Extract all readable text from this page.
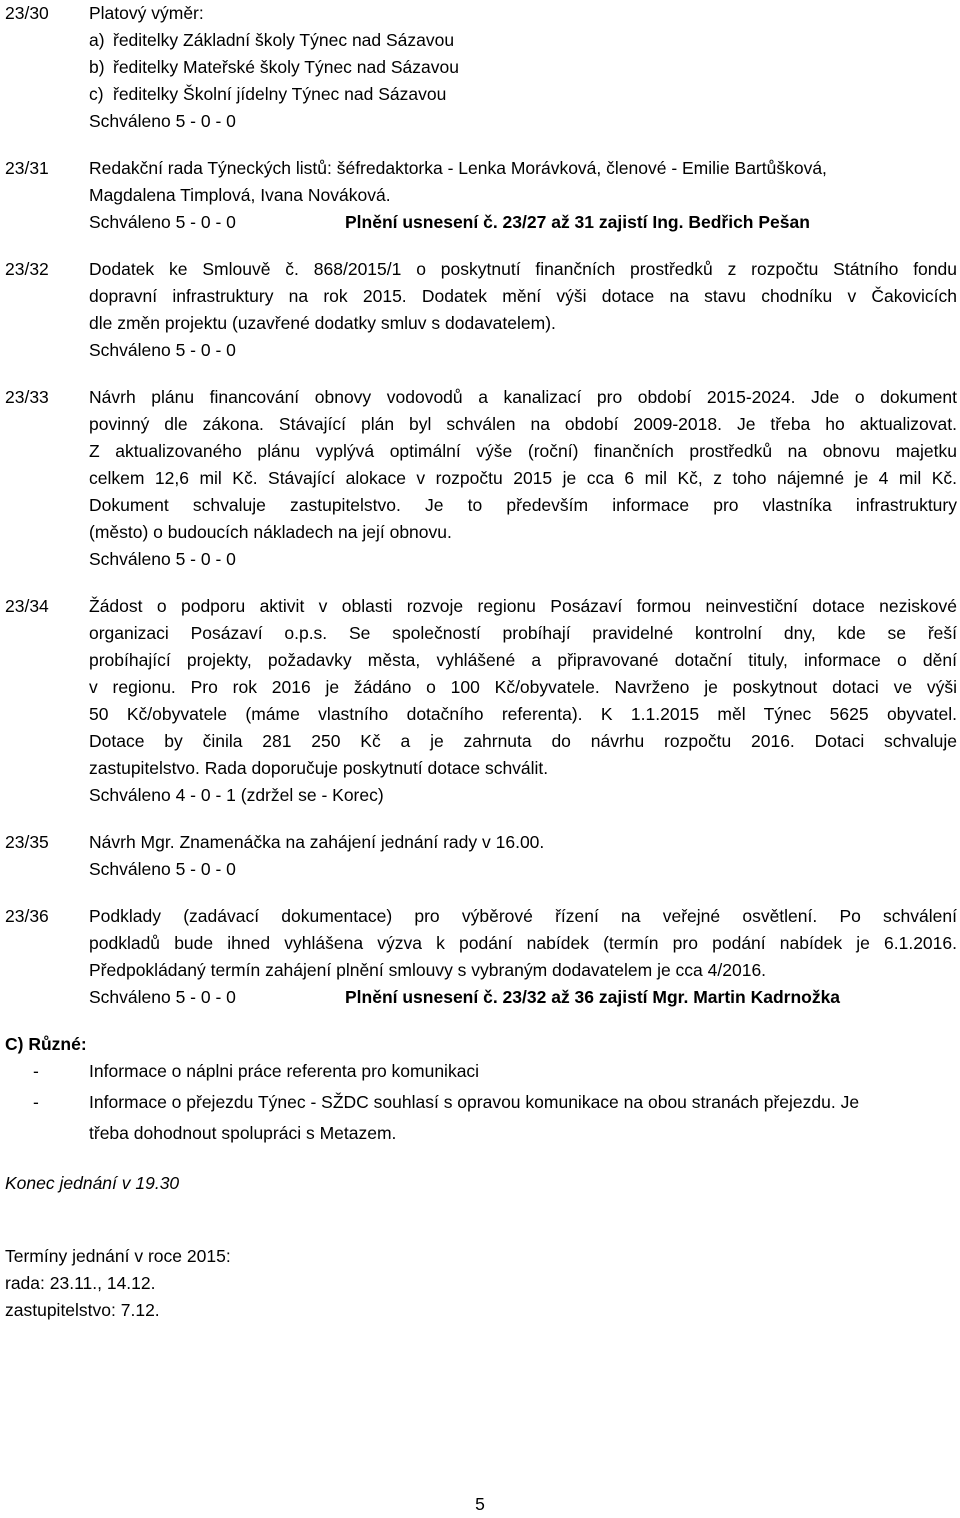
23/30 Platový výměr:
a) ředitelky Základní školy Týnec nad Sázavou
b) ředitelky Mateřské školy Týnec nad Sázavou
c) ředitelky Školní jídelny Týnec nad Sázavou
Schváleno 5 - 0 - 0
23/31 Redakční rada Týneckých listů: šéfredaktorka - Lenka Morávková, členové - Emilie Bartůšková,
Magdalena Timplová, Ivana Nováková.
Schváleno 5 - 0 - 0	Plnění usnesení č. 23/27 až 31 zajistí Ing. Bedřich Pešan
23/32 Dodatek ke Smlouvě č. 868/2015/1 o poskytnutí finančních prostředků z rozpočtu Státního fondu
dopravní infrastruktury na rok 2015. Dodatek mění výši dotace na stavu chodníku v Čakovicích
dle změn projektu (uzavřené dodatky smluv s dodavatelem).
Schváleno 5 - 0 - 0
23/33 Návrh plánu financování obnovy vodovodů a kanalizací pro období 2015-2024. Jde o dokument
povinný dle zákona. Stávající plán byl schválen na období 2009-2018. Je třeba ho aktualizovat.
Z aktualizovaného plánu vyplývá optimální výše (roční) finančních prostředků na obnovu majetku
celkem 12,6 mil Kč. Stávající alokace v rozpočtu 2015 je cca 6 mil Kč, z toho nájemné je 4 mil Kč.
Dokument schvaluje zastupitelstvo. Je to především informace pro vlastníka infrastruktury
(město) o budoucích nákladech na její obnovu.
Schváleno 5 - 0 - 0
23/34 Žádost o podporu aktivit v oblasti rozvoje regionu Posázaví formou neinvestiční dotace neziskové
organizaci Posázaví o.p.s. Se společností probíhají pravidelné kontrolní dny, kde se řeší
probíhající projekty, požadavky města, vyhlášené a připravované dotační tituly, informace o dění
v regionu. Pro rok 2016 je žádáno o 100 Kč/obyvatele. Navrženo je poskytnout dotaci ve výši
50 Kč/obyvatele (máme vlastního dotačního referenta). K 1.1.2015 měl Týnec 5625 obyvatel.
Dotace by činila 281 250 Kč a je zahrnuta do návrhu rozpočtu 2016. Dotaci schvaluje
zastupitelstvo. Rada doporučuje poskytnutí dotace schválit.
Schváleno 4 - 0 - 1 (zdržel se - Korec)
23/35 Návrh Mgr. Znamenáčka na zahájení jednání rady v 16.00.
Schváleno 5 - 0 - 0
23/36 Podklady (zadávací dokumentace) pro výběrové řízení na veřejné osvětlení. Po schválení
podkladů bude ihned vyhlášena výzva k podání nabídek (termín pro podání nabídek je 6.1.2016.
Předpokládaný termín zahájení plnění smlouvy s vybraným dodavatelem je cca 4/2016.
Schváleno 5 - 0 - 0	Plnění usnesení č. 23/32 až 36 zajistí Mgr. Martin Kadrnožka
C) Různé:
-	Informace o náplni práce referenta pro komunikaci
-	Informace o přejezdu Týnec - SŽDC souhlasí s opravou komunikace na obou stranách přejezdu. Je
třeba dohodnout spolupráci s Metazem.
Konec jednání v 19.30
Termíny jednání v roce 2015:
rada: 23.11., 14.12.
zastupitelstvo: 7.12.
5
